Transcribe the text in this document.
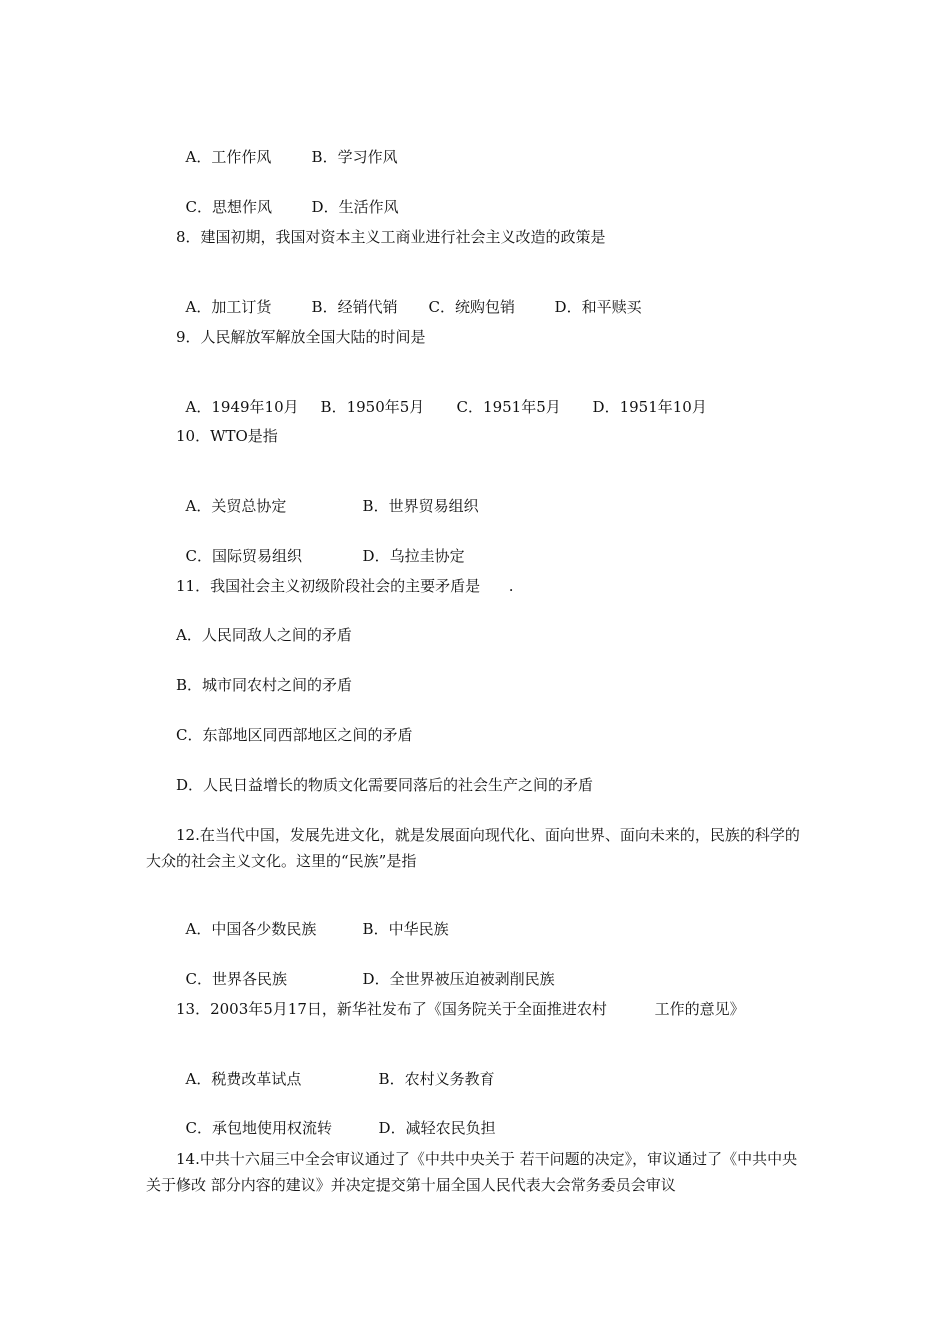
A．工作作风	B．学习作风

C．思想作风	D．生活作风

8．建国初期，我国对资本主义工商业进行社会主义改造的政策是

A．加工订货	B．经销代销 C．统购包销	D．和平赎买

9．人民解放军解放全国大陆的时间是

A．1949年10月 B．1950年5月 C．1951年5月 D．1951年10月

10．WTO是指

A．关贸总协定	B．世界贸易组织

C．国际贸易组织	D．乌拉圭协定

11．我国社会主义初级阶段社会的主要矛盾是      .
A．人民同敌人之间的矛盾
B．城市同农村之间的矛盾
C．东部地区同西部地区之间的矛盾
D．人民日益增长的物质文化需要同落后的社会生产之间的矛盾
12.在当代中国，发展先进文化，就是发展面向现代化、面向世界、面向未来的，民族的科学的大众的社会主义文化。这里的“民族”是指

A．中国各少数民族	B．中华民族

C．世界各民族	D．全世界被压迫被剥削民族

13．2003年5月17日，新华社发布了《国务院关于全面推进农村          工作的意见》

A．税费改革试点	B．农村义务教育

C．承包地使用权流转	D．减轻农民负担

14.中共十六届三中全会审议通过了《中共中央关于 若干问题的决定》，审议通过了《中共中央关于修改 部分内容的建议》并决定提交第十届全国人民代表大会常务委员会审议
